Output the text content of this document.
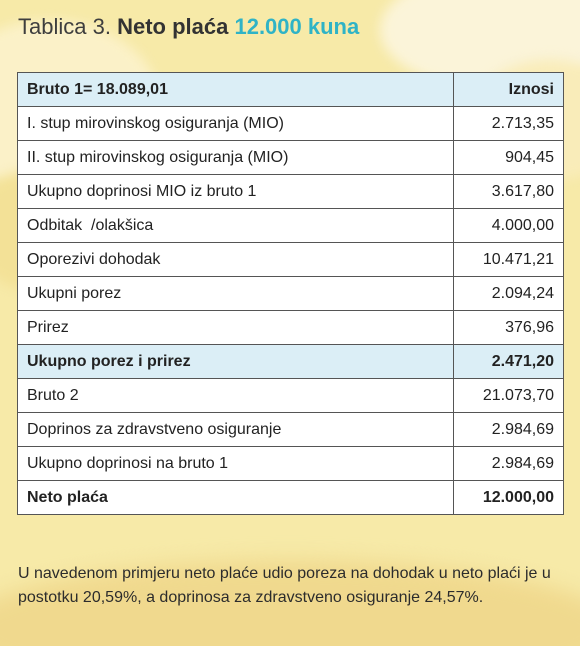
Tablica 3. Neto plaća 12.000 kuna
Bruto 1= 18.089,01	Iznosi
I. stup mirovinskog osiguranja (MIO)	2.713,35
II. stup mirovinskog osiguranja (MIO)	904,45
Ukupno doprinosi MIO iz bruto 1	3.617,80
Odbitak  /olakšica	4.000,00
Oporezivi dohodak	10.471,21
Ukupni porez	2.094,24
Prirez	376,96
Ukupno porez i prirez	2.471,20
Bruto 2	21.073,70
Doprinos za zdravstveno osiguranje	2.984,69
Ukupno doprinosi na bruto 1	2.984,69
Neto plaća	12.000,00

U navedenom primjeru neto plaće udio poreza na dohodak u neto plaći je u postotku 20,59%, a doprinosa za zdravstveno osiguranje 24,57%.
